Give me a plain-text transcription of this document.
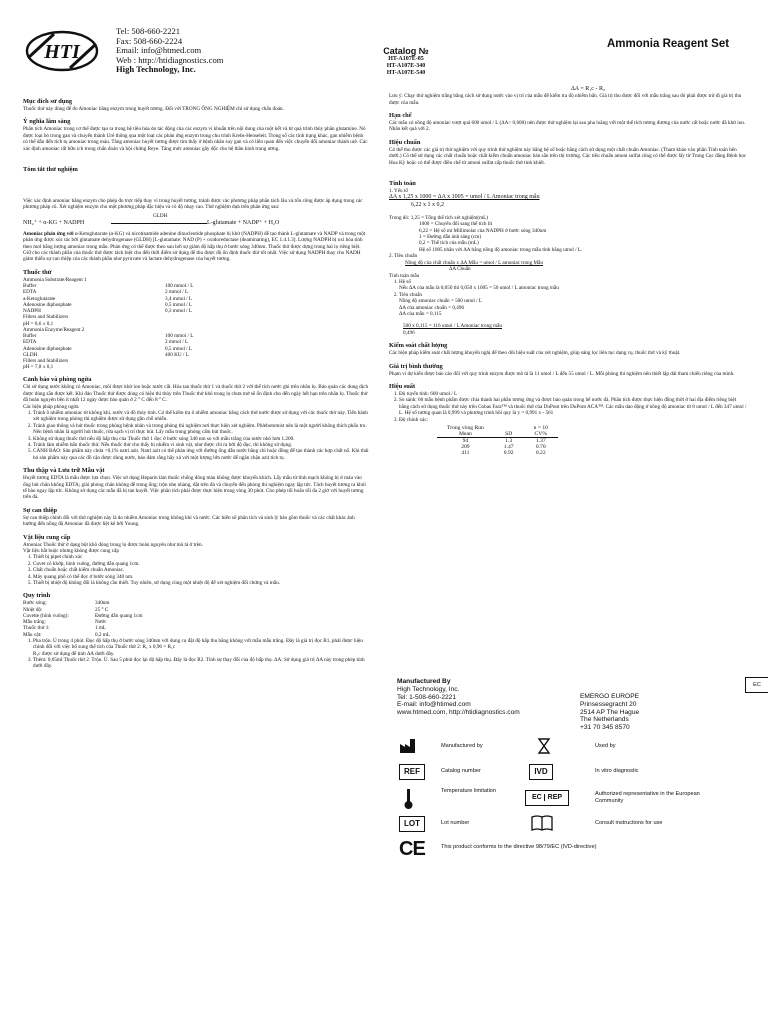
HTI
Tel: 508-660-2221
Fax: 508-660-2224
Email: info@htmed.com
Web : http://htidiagnostics.com
High Technology, Inc.
Catalog №
HT-A107E-85
HT-A107E-340
HT-A107E-540
Ammonia Reagent Set
Mục đích sử dụng

Thuốc thử này dùng để đo Amoniac bằng enzym trong huyết tương. Đối với TRONG ỐNG NGHIỆM chỉ sử dụng chẩn đoán.

Ý nghĩa lâm sàng

Phân tích Amoniac trong cơ thể được tạo ra trong hệ tiêu hóa do tác động của các enzym vi khuẩn trên nội dung của ruột kết và từ quá trình thủy phân glutamine. Nó được loại bỏ trong gan và chuyển thành Urê thông qua một loạt các phản ứng enzym trong chu trình Krebs-Henseleit. Trong số các tình trạng khác, gan nhiễm bệnh có thể dẫn đến tích tụ amoniac trong máu. Tăng amoniac huyết tương được tìm thấy ở bệnh nhân suy gan và có liên quan đến việc chuyển đổi amoniac thành urê. Các xác định amoniac rất hữu ích trong chẩn đoán và hội chứng Reye. Tăng mức amoniac gây độc cho hệ thần kinh trung ương.

Tóm tắt thử nghiệm

Việc xác định amoniac bằng enzym cho phép đo trực tiếp thay vì trong huyết tương, tránh được các phương pháp phân tách lâu và tốn công được áp dụng trong các phương pháp cũ. Xét nghiệm enzym cho một phương pháp đặc hiệu và có độ nhạy cao. Thử nghiệm dựa trên phản ứng sau:

GLDH
NH₄⁺ + α-KG + NADPH	L-glutamate + NADP⁺ + H₂O

Amoniac phản ứng với α-Ketoglutarate (α-KG) và nicotinamide adenine dinucleotide phosphate bị khử (NADPH) để tạo thành L-glutamate và NADP và trong một phản ứng được xúc tác bởi glutamate dehydrogenase (GLDH) [L-glutamate: NAD (P) + oxidoreductase (deaminating), EC 1.4.1.3]. Lượng NADPH bị oxi hóa tính theo mol bằng lượng amoniac trong mẫu. Phản ứng có thể được theo sau bởi sự giảm độ hấp thụ ở bước sóng 340nm. Thuốc thử được dựng trong hai lọ riêng biệt. Giữ cho các thành phần của thuốc thử được tách biệt cho đến thời điểm sử dụng để thu được độ ổn định thuốc thử tốt nhất. Việc sử dụng NADPH thay cho NADH giảm thiểu sự can thiệp của các thành phần như pyruvate và lactate dehydrogenase của huyết tương.

Thuốc thử
Ammonia Substrate/Reagent 1
Buffer	100 mmol / L
EDTA	2 mmol / L
a-Ketoglutarate	3,4 mmol / L
Adenosine diphosphate	0,5 mmol / L
NADPH	0,3 mmol / L
Fillers and Stabilizers	
pH = 8,6 ± 0,1	
Ammonia Enzyme/Reagent 2
Buffer	100 mmol / L
EDTA	2 mmol / L
Adenosine diphosphate	0,5 mmol / L
GLDH	400 KU / L
Fillers and Stabilizers	
pH = 7,8 ± 0,1	
Cảnh báo và phòng ngừa

Chỉ sử dụng nước không có Amoniac, môi được khử ion hoặc nước cất. Hóa tan thuốc thử 1 và thuốc thử 2 với thể tích nước ghi trên nhãn lọ. Bảo quản các dung dịch được dùng sẵn được kết. Khi đảo Thuốc thử được dùng có hiệu thì thủy trên Thuốc thử khô trong lọ chưa mở sẽ ổn định cho đến ngày hết hạn trên nhãn lọ. Thuốc thử đã hoàn nguyên bền ít nhất 12 ngày được bảo quản ở 2 ° C đến 8 ° C.

Các biện pháp phòng ngừa
1. Tránh ô nhiễm amoniac từ không khí, nước và đồ thủy tinh. Có thể kiểm tra ô nhiễm amoniac bằng cách thử nước được sử dụng với các thuốc thử này. Tiến hành xét nghiệm trong phòng thí nghiệm được sử dụng gần chỗ nhiễu.
2. Tránh giao thông và hút thuốc trong phòng bệnh nhân và trong phòng thí nghiệm nơi thực hiện xét nghiệm. Phlebotomist nên là một người không thích phẩu tro. Nên bệnh nhân là người hút thuốc, rửa sạch vị trí thực hút. Lấy mẫu trong phòng cấm hút thuốc.
3. Không sử dụng thuốc thử nếu độ hấp thụ của Thuốc thử 1 đọc ở bước sóng 340 nm so với mẫu trắng của nước nhỏ hơn 1.200.
4. Tránh làm nhiễm bẩn thuốc thử. Nếu thuốc thử cho thấy bị nhiễm vi sinh vật, như được chỉ ra bởi độ đục, thì không sử dụng.
5. CẢNH BÁO: Sản phẩm này chứa <0,1% natri azit. Natri azit có thể phản ứng với đường ống dẫn nước bằng chì hoặc đồng để tạo thành các hợp chất nổ. Khi thải bỏ sản phẩm này qua các đồ cặn được dùng nước, bảo đảm rằng hãy xả với một lượng lớn nước để ngăn chặn azit tích tụ.
Thu thập và Lưu trữ Mẫu vật

Huyết tương EDTA là mẫu được lựa chọn. Việc sử dụng Heparin làm thuốc chống đông máu không được khuyến khích. Lấy mẫu từ tĩnh mạch không bị ứ máu vào ống hút chân không EDTA; giải phóng chân không để trong ống; trộn nhẹ nhàng, đặt trên đá và chuyển đến phòng thí nghiệm ngay lập tức. Tách huyết tương ra khỏi tế bào ngay lập tức. Không sử dụng các mẫu đã bị tan huyết. Việc phân tích phải được thực hiện trong vòng 30 phút. Cho phép tối hoãn tối đa 2 giờ với huyết tương trên đá.

Sự can thiệp

Sự can thiệp chính đối với thử nghiệm này là do nhiễm Amoniac trong không khí và nước. Các biến số phân tích và sinh lý bảo gồm thuốc và các chất khác ảnh hưởng đến nồng độ Amoniac đã được liệt kê bởi Young.

Vật liệu cung cấp

Amoniac Thuốc thử ở dạng bột khô đóng trong lọ được hoàn nguyên như mô tả ở trên.

Vật liệu bắt buộc nhưng không được cung cấp

1. Thiết bị pipet chính xác
2. Cuvet có khớp, hình vuông, đường dẫn quang 1cm.
3. Chất chuẩn hoặc chất kiểm chuẩn Amoniac.
4. Máy quang phổ có thể đọc ở bước sóng 340 nm.
5. Thiết bị nhiệt độ không đổi là không cần thiết. Tuy nhiên, sử dụng cùng một nhiệt độ để xét nghiệm đối chứng và mẫu.
Quy trình
Bước sóng:	340nm
Nhiệt độ:	25 ° C
Cuvette (hình vuông):	Đường dẫn quang 1cm
Mẫu trắng:	Nước
Thuốc thử 1:	1 mL
Mẫu vật:	0,2 mL
1. Pha trộn. Ủ trong 4 phút. Đọc độ hấp thụ ở bước sóng 340nm với dung cụ đặt độ hấp thu bằng không với mẫu mẫu trắng. Đây là giá trị đọc R1, phải được hiệu chỉnh đối với việc bổ sung thể tích của Thuốc thử 2: R₁ x 0,96 = R₁c
R₁c được sử dụng để tính ΔA dưới đây.
3. Thêm: 0,05ml Thuốc thử 2. Trộn. Ủ. Sau 5 phút đọc lại độ hấp thụ. Đây là đọc R2. Tính sự thay đổi của độ hấp thụ. ΔA. Sử dụng giá trị ΔA này trong phép tính dưới đây.
ΔA = R₁c - R₂

Lưu ý: Chạy thử nghiệm trắng bằng cách sử dụng nước vào vị trí của mẫu để kiểm tra độ nhiễm bẩn. Giá trị thu được đối với mẫu trắng sau đó phải được trừ đi giá trị thu được của mẫu.

Hạn chế

Các mẫu có nồng độ amoniac vượt quá 600 umol / L (ΔA> 0,600) nên được thử nghiệm lại sau pha loãng với một thể tích tương đương của nước cất hoặc nước đã khử ion. Nhân kết quả với 2.

Hiệu chuẩn

Có thể thu được các giá trị thử nghiệm với quy trình thử nghiệm này bằng hệ số hoặc bằng cách sử dụng một chất chuẩn Amoniac. (Tham khảo vào phần Tính toán bên dưới.) Có thể sử dụng các chất chuẩn hoặc chất kiểm chuẩn amoniac bán sẵn trên thị trường. Các tiêu chuẩn amoni sulfat cũng có thể được lấy từ Trung Cục đăng Bệnh học Hoa Kỳ hoặc có thể được điều chế từ amoni sulfat cấp thuốc thử tinh khiết.

Tính toán
1. Yếu tố
ΔA x 1,25 x 1000 = ΔA x 1005 = umol / L Amoniac trong mẫu
6,22 x 1 x 0,2
Trong đó: 1,25 = Tổng thể tích xét nghiệm(mL)
1000 = Chuyển đổi sang thể tích lít
6,22 = Hệ số mi Millimolar của NADPH ở bước sóng 340nm
1 = Đường dẫn ánh sáng (cm)
0,2 = Thể tích của mẫu (mL)
Hệ số 1005 nhân với ΔA bằng nồng độ amoniac trong mẫu tính bằng umol / L.
2. Tiêu chuẩn
Nồng độ của chất chuẩn x ΔA Mẫu = umol / L amoniac trong Mẫu
ΔA Chuẩn
Tính toán mẫu
1. Hệ số
Nếu ΔA của mẫu là 0,050 thì 0,050 x 1005 = 50 umol / L amoniac trong mẫu
2. Tiêu chuẩn
Nồng độ amoniac chuẩn = 500 umol / L
ΔA của amoniac chuẩn = 0,496
ΔA của mẫu = 0,115
500 x 0,115 = 116 umol / L Amoniac trong mẫu
0,496
Kiểm soát chất lượng

Các biện pháp kiểm soát chất lượng khuyến nghị để theo dõi hiệu suất của xét nghiệm, giúp sáng lọc liên tục dụng cụ, thuốc thử và kỹ thuật.

Giá trị bình thường

Phạm vi dự kiến được báo cáo đối với quy trình enzym được mô tả là 11 umol / L đến 55 umol / L. Mỗi phòng thí nghiệm nên thiết lập dải tham chiếu riêng của mình.

Hiệu suất
1. Độ tuyến tính: 600 umol / L
2. So sánh: 60 mẫu bệnh phẩm được chia thành hai phần tương ứng và được bảo quản trong bể nước đá. Phân tích được thực hiện đồng thời ở hai địa điểm riêng biệt bằng cách sử dụng thuốc thử này trên Cobas Fara™ và thuốc thử của DuPont trên DuPont ACA™. Các mẫu dao động ở nồng độ amoniac từ 8 umol / L đến 347 umol / L. Hệ số tương quan là 0,999 và phương trình hồi quy là y = 0,991 x - 561
3. Độ chính xác:
Trong vòng Run		n = 10
Mean	SD	CV%
94	1.3	1.37
209	1.47	0.70
411	0.92	0.22
Manufactured By
High Technology, Inc.
Tel: 1-508-660-2221
E-mail: info@htimed.com
www.htmed.com, http://htidiagnostics.com
EMERGO EUROPE
Prinsessegracht 20
2514 AP The Hague
The Netherlands
+31 70 345 8570
EC
Manufactured by	Used by
REF	Catalog number	IVD	In vitro diagnostic
Temperature limitation
EC REP	Authorized representative in the European Community
LOT	Lot number	i	Consult instructions for use
CE	This product conforms to the directive 98/79/EC (IVD-directive)
